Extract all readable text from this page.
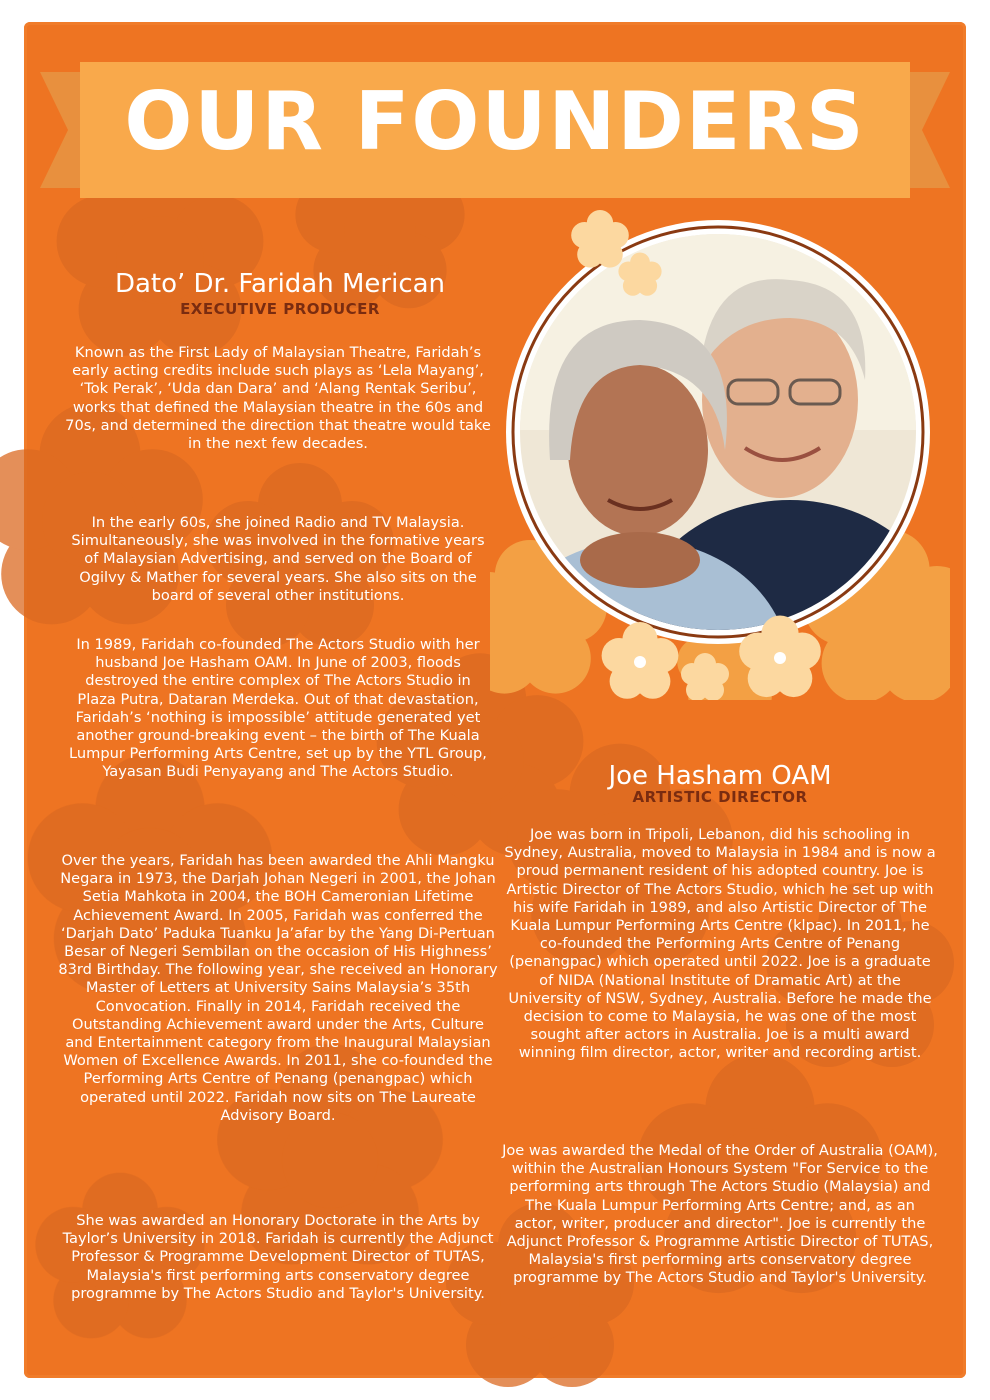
OUR FOUNDERS
Dato’ Dr. Faridah Merican
EXECUTIVE PRODUCER

Known as the First Lady of Malaysian Theatre, Faridah’s early acting credits include such plays as ‘Lela Mayang’, ‘Tok Perak’, ‘Uda dan Dara’ and ‘Alang Rentak Seribu’, works that defined the Malaysian theatre in the 60s and 70s, and determined the direction that theatre would take in the next few decades.

In the early 60s, she joined Radio and TV Malaysia. Simultaneously, she was involved in the formative years of Malaysian Advertising, and served on the Board of Ogilvy & Mather for several years. She also sits on the board of several other institutions.

In 1989, Faridah co-founded The Actors Studio with her husband Joe Hasham OAM. In June of 2003, floods destroyed the entire complex of The Actors Studio in Plaza Putra, Dataran Merdeka. Out of that devastation, Faridah’s ‘nothing is impossible’ attitude generated yet another ground-breaking event – the birth of The Kuala Lumpur Performing Arts Centre, set up by the YTL Group, Yayasan Budi Penyayang and The Actors Studio.

Over the years, Faridah has been awarded the Ahli Mangku Negara in 1973, the Darjah Johan Negeri in 2001, the Johan Setia Mahkota in 2004, the BOH Cameronian Lifetime Achievement Award. In 2005, Faridah was conferred the ‘Darjah Dato’ Paduka Tuanku Ja’afar by the Yang Di-Pertuan Besar of Negeri Sembilan on the occasion of His Highness’ 83rd Birthday. The following year, she received an Honorary Master of Letters at University Sains Malaysia’s 35th Convocation. Finally in 2014, Faridah received the Outstanding Achievement award under the Arts, Culture and Entertainment category from the Inaugural Malaysian Women of Excellence Awards. In 2011, she co-founded the Performing Arts Centre of Penang (penangpac) which operated until 2022. Faridah now sits on The Laureate Advisory Board.

She was awarded an Honorary Doctorate in the Arts by Taylor’s University in 2018. Faridah is currently the Adjunct Professor & Programme Development Director of TUTAS, Malaysia's first performing arts conservatory degree programme by The Actors Studio and Taylor's University.

Joe Hasham OAM
ARTISTIC DIRECTOR

Joe was born in Tripoli, Lebanon, did his schooling in Sydney, Australia, moved to Malaysia in 1984 and is now a proud permanent resident of his adopted country. Joe is Artistic Director of The Actors Studio, which he set up with his wife Faridah in 1989, and also Artistic Director of The Kuala Lumpur Performing Arts Centre (klpac). In 2011, he co-founded the Performing Arts Centre of Penang (penangpac) which operated until 2022. Joe is a graduate of NIDA (National Institute of Dramatic Art) at the University of NSW, Sydney, Australia. Before he made the decision to come to Malaysia, he was one of the most sought after actors in Australia. Joe is a multi award winning film director, actor, writer and recording artist.

Joe was awarded the Medal of the Order of Australia (OAM), within the Australian Honours System "For Service to the performing arts through The Actors Studio (Malaysia) and The Kuala Lumpur Performing Arts Centre; and, as an actor, writer, producer and director". Joe is currently the Adjunct Professor & Programme Artistic Director of TUTAS, Malaysia's first performing arts conservatory degree programme by The Actors Studio and Taylor's University.
